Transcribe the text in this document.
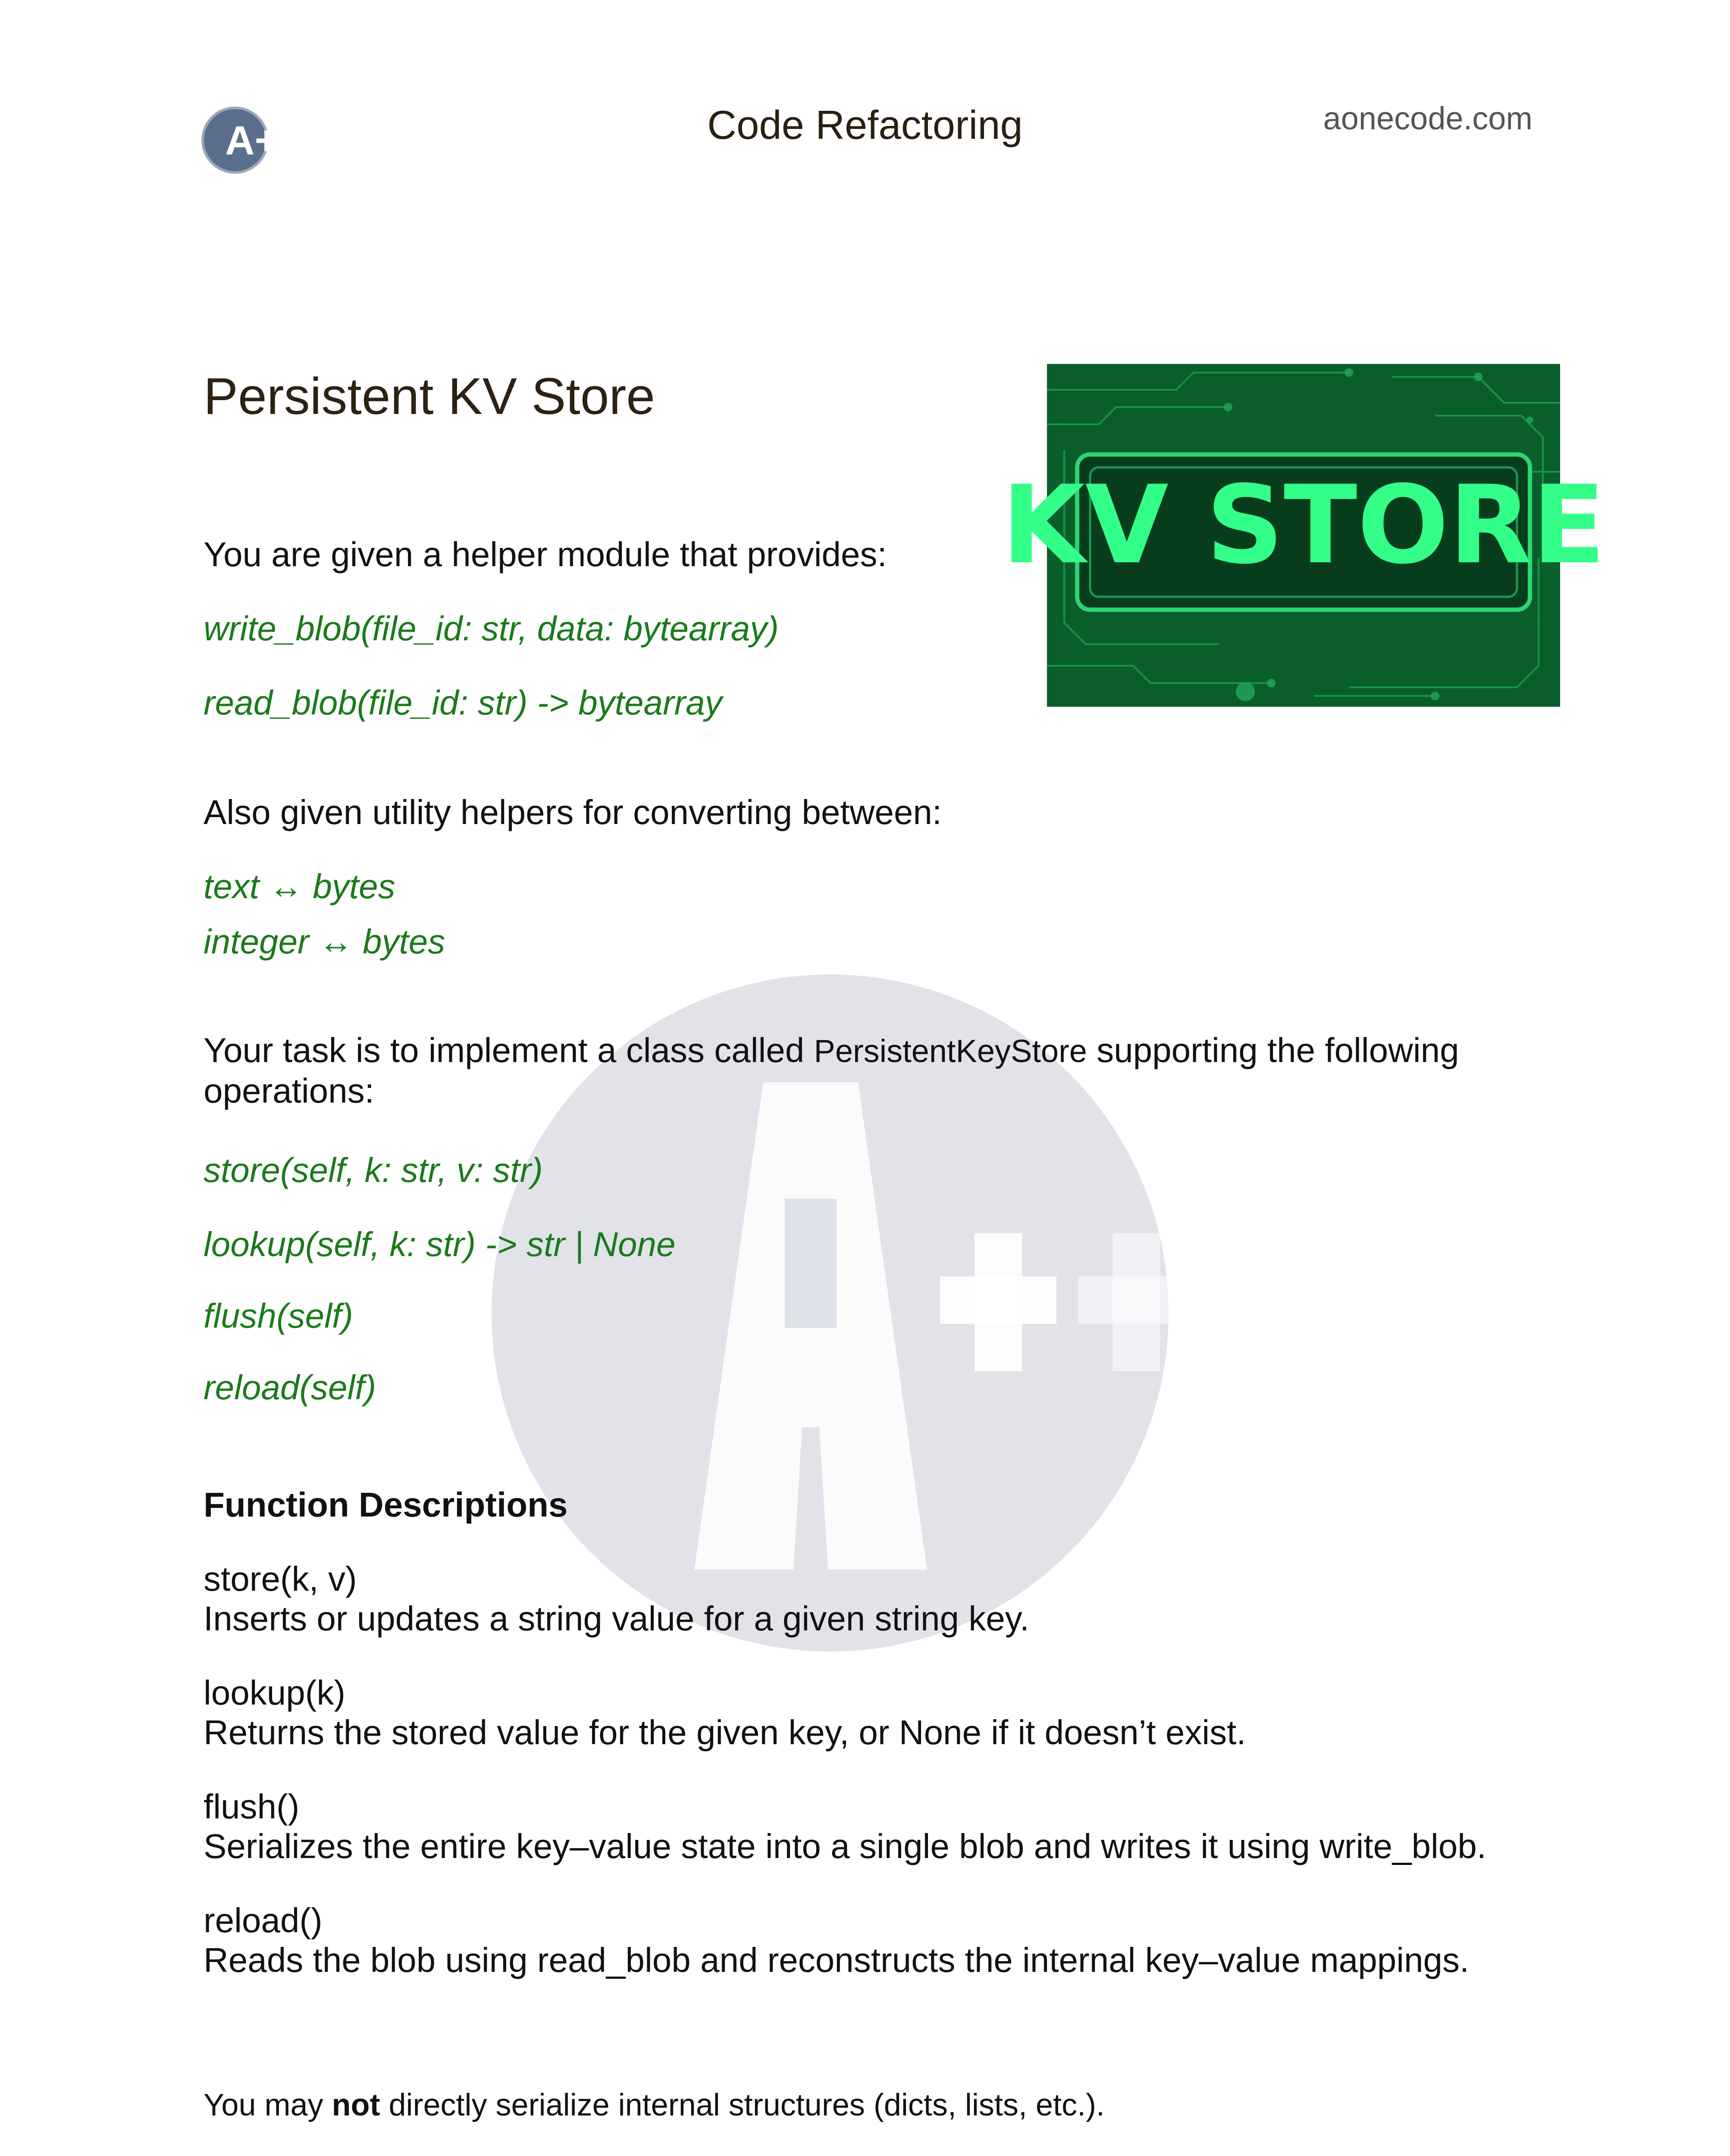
A++	Code Refactoring	aonecode.com
Persistent KV Store
KV STORE
You are given a helper module that provides:
write_blob(file_id: str, data: bytearray)
read_blob(file_id: str) -> bytearray
Also given utility helpers for converting between:
text ↔ bytes
integer ↔ bytes
Your task is to implement a class called PersistentKeyStore supporting the following
operations:
store(self, k: str, v: str)
lookup(self, k: str) -> str | None
flush(self)
reload(self)
Function Descriptions
store(k, v)
Inserts or updates a string value for a given string key.
lookup(k)
Returns the stored value for the given key, or None if it doesn’t exist.
flush()
Serializes the entire key–value state into a single blob and writes it using write_blob.
reload()
Reads the blob using read_blob and reconstructs the internal key–value mappings.
You may not directly serialize internal structures (dicts, lists, etc.).
